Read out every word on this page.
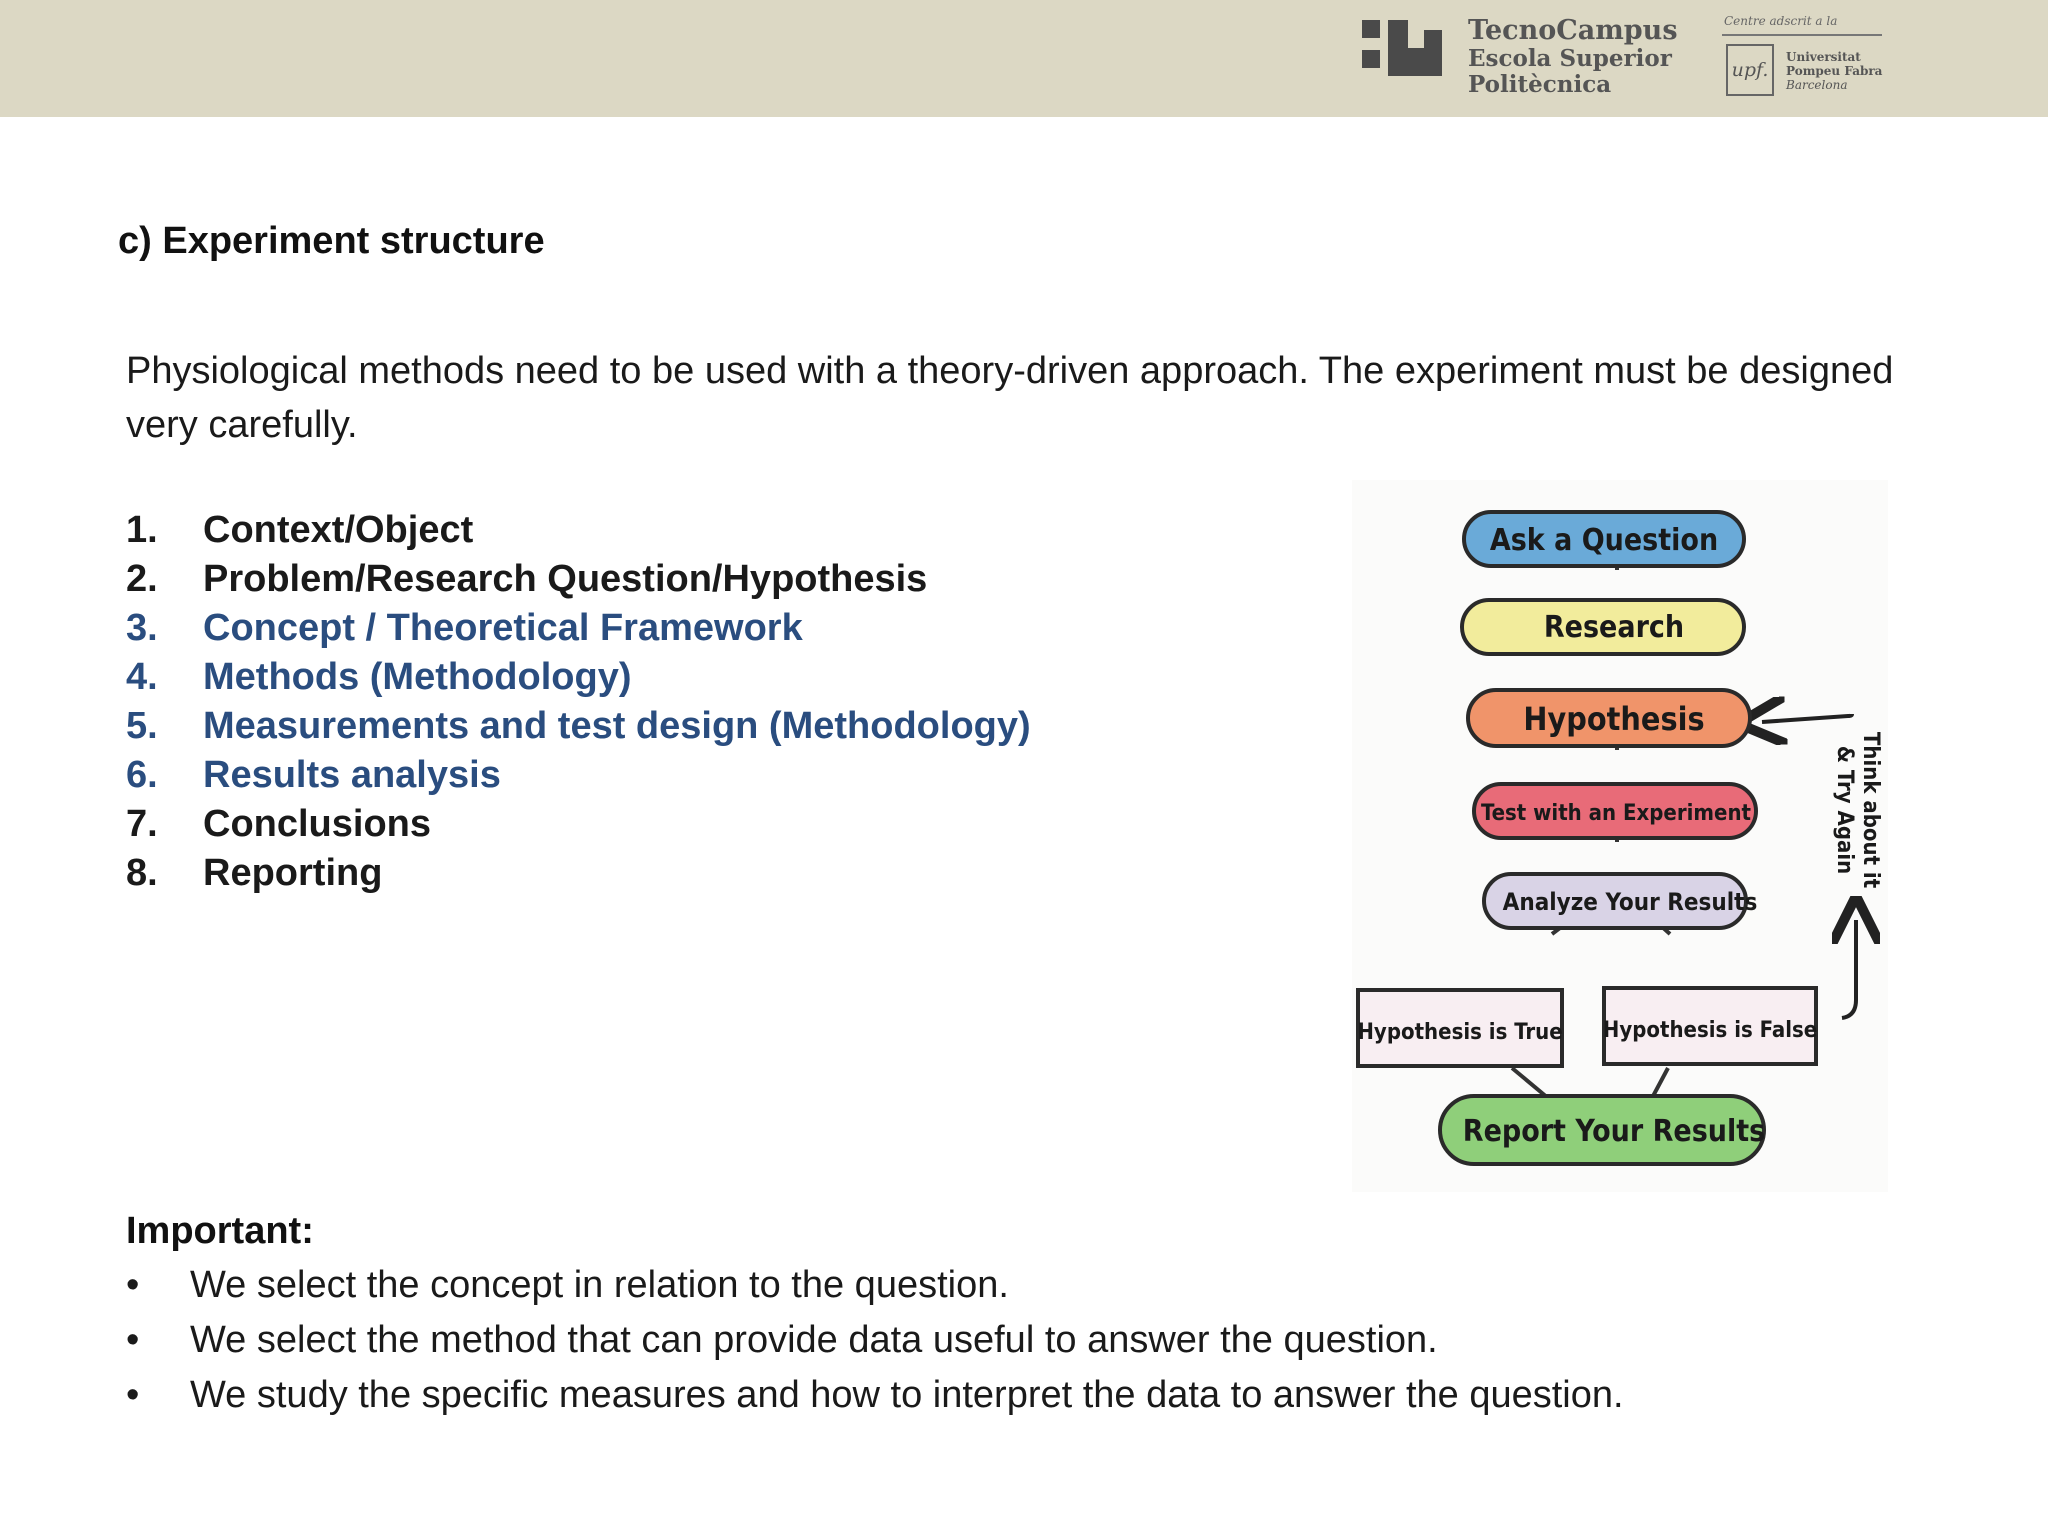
TecnoCampus
Escola Superior
Politècnica
Centre adscrit a la
upf.
Universitat
Pompeu Fabra
Barcelona
c) Experiment structure
Physiological methods need to be used with a theory-driven approach. The experiment must be designed very carefully.
1. Context/Object
2. Problem/Research Question/Hypothesis
3. Concept / Theoretical Framework
4. Methods (Methodology)
5. Measurements and test design (Methodology)
6. Results analysis
7. Conclusions
8. Reporting
Important:
• We select the concept in relation to the question.
• We select the method that can provide data useful to answer the question.
• We study the specific measures and how to interpret the data to answer the question.
Think about it
& Try Again
Ask a Question
Research
Hypothesis
Test with an Experiment
Analyze Your Results
Hypothesis is True Hypothesis is False
Report Your Results
